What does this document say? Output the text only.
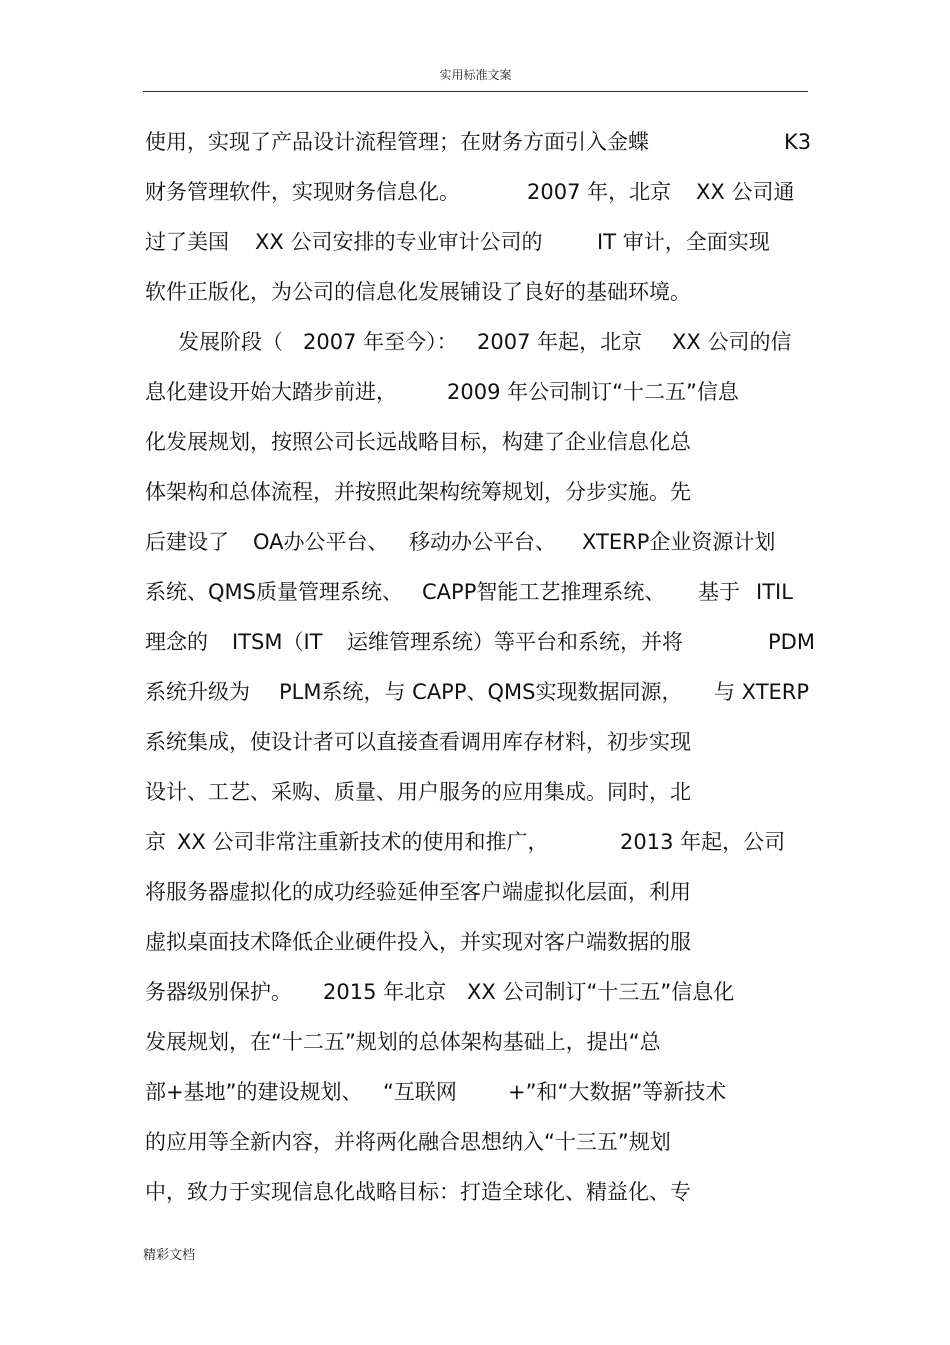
实用标准文案

使用，实现了产品设计流程管理；在财务方面引入金蝶

	K3

财务管理软件，实现财务信息化。

	2007 年，北京

XX 公司通

过了美国

XX 公司安排的专业审计公司的

	IT 审计，全面实现

软件正版化，为公司的信息化发展铺设了良好的基础环境。

发展阶段（

2007 年至今）：

2007 年起，北京

XX 公司的信

息化建设开始大踏步前进，

2009 年公司制订“十二五”信息

化发展规划，按照公司长远战略目标，构建了企业信息化总

体架构和总体流程，并按照此架构统筹规划，分步实施。先

后建设了

OA办公平台、

移动办公平台、

XTERP企业资源计划

系统、QMS质量管理系统、

CAPP智能工艺推理系统、

基于

ITIL

理念的

ITSM（IT

运维管理系统）等平台和系统，并将

	PDM

系统升级为

PLM系统，与 CAPP、QMS实现数据同源，

与 XTERP

系统集成，使设计者可以直接查看调用库存材料，初步实现

设计、工艺、采购、质量、用户服务的应用集成。同时，北

京

XX 公司非常注重新技术的使用和推广，

	2013 年起，公司

将服务器虚拟化的成功经验延伸至客户端虚拟化层面，利用

虚拟桌面技术降低企业硬件投入，并实现对客户端数据的服

务器级别保护。

2015 年北京

XX 公司制订“十三五”信息化

发展规划，在“十二五”规划的总体架构基础上，提出“总

部+基地”的建设规划、

“互联网

+”和“大数据”等新技术

的应用等全新内容，并将两化融合思想纳入“十三五”规划

中，致力于实现信息化战略目标：打造全球化、精益化、专

精彩文档
